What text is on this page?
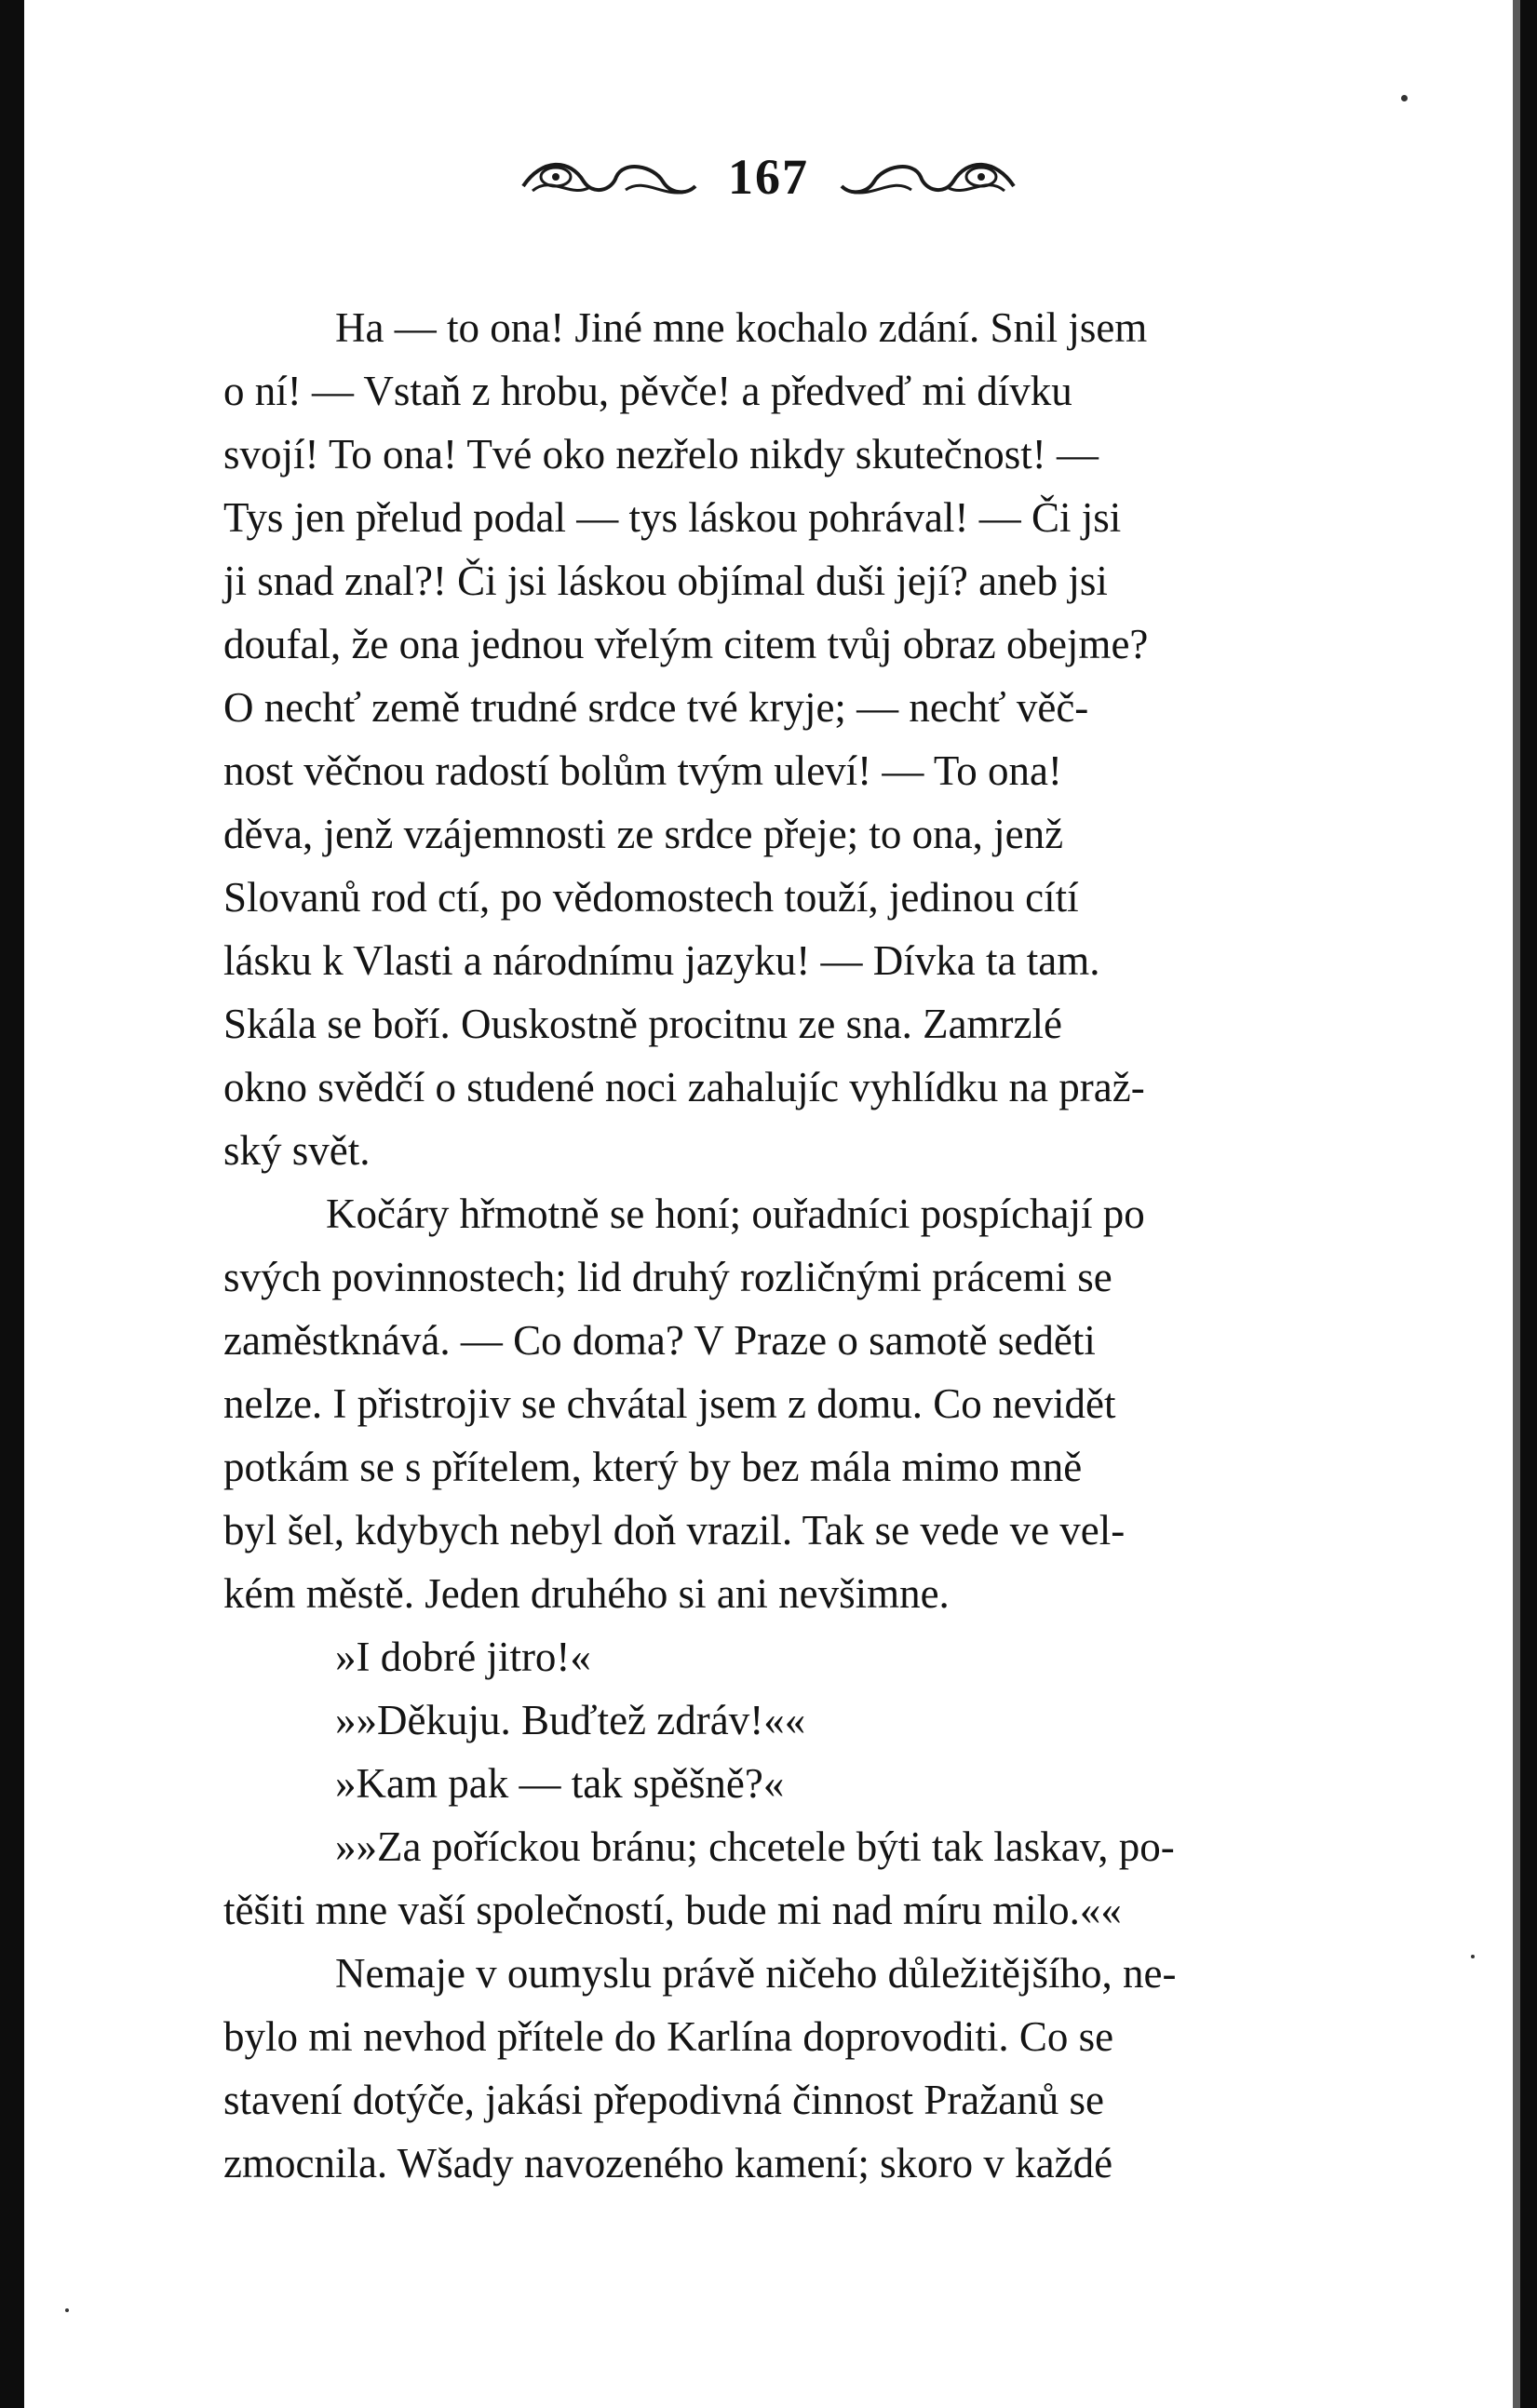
167
Ha — to ona! Jiné mne kochalo zdání. Snil jsem
o ní! — Vstaň z hrobu, pěvče! a předveď mi dívku
svojí! To ona! Tvé oko nezřelo nikdy skutečnost! —
Tys jen přelud podal — tys láskou pohrával! — Či jsi
ji snad znal?! Či jsi láskou objímal duši její? aneb jsi
doufal, že ona jednou vřelým citem tvůj obraz obejme?
O nechť země trudné srdce tvé kryje; — nechť věč-
nost věčnou radostí bolům tvým uleví! — To ona!
děva, jenž vzájemnosti ze srdce přeje; to ona, jenž
Slovanů rod ctí, po vědomostech touží, jedinou cítí
lásku k Vlasti a národnímu jazyku! — Dívka ta tam.
Skála se boří. Ouskostně procitnu ze sna. Zamrzlé
okno svědčí o studené noci zahalujíc vyhlídku na praž-
ský svět.
Kočáry hřmotně se honí; ouřadníci pospíchají po
svých povinnostech; lid druhý rozličnými prácemi se
zaměstknává. — Co doma? V Praze o samotě seděti
nelze. I přistrojiv se chvátal jsem z domu. Co nevidět
potkám se s přítelem, který by bez mála mimo mně
byl šel, kdybych nebyl doň vrazil. Tak se vede ve vel-
kém městě. Jeden druhého si ani nevšimne.
»I dobré jitro!«
»»Děkuju. Buďtež zdráv!««
»Kam pak — tak spěšně?«
»»Za poříckou bránu; chcetele býti tak laskav, po-
těšiti mne vaší společností, bude mi nad míru milo.««
Nemaje v oumyslu právě ničeho důležitějšího, ne-
bylo mi nevhod přítele do Karlína doprovoditi. Co se
stavení dotýče, jakási přepodivná činnost Pražanů se
zmocnila. Wšady navozeného kamení; skoro v každé
